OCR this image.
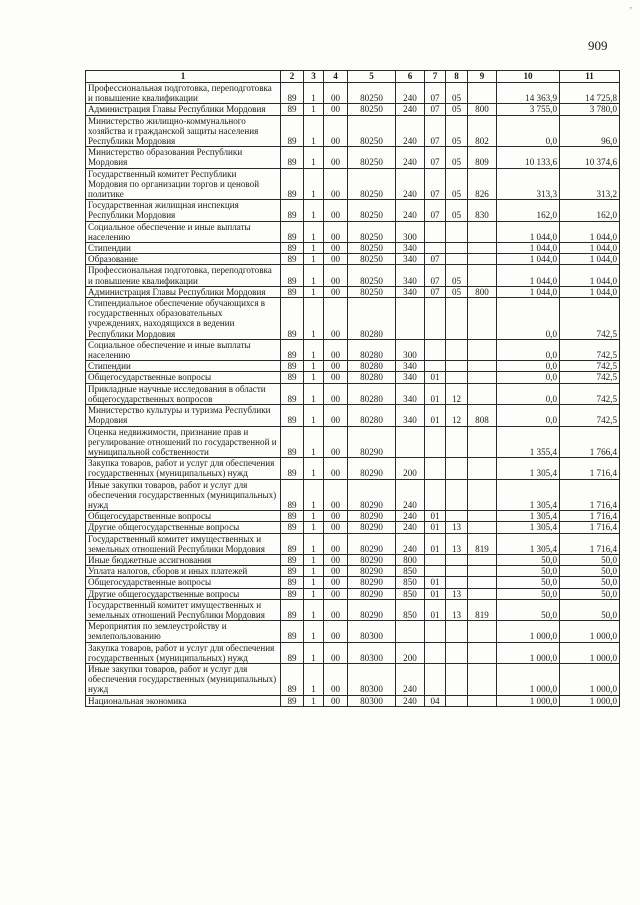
,
909
1	2	3	4	5	6	7	8	9	10	11
Профессиональная подготовка, переподготовка и повышение квалификации	89	1	00	80250	240	07	05		14 363,9	14 725,8
Администрация Главы Республики Мордовия	89	1	00	80250	240	07	05	800	3 755,0	3 780,0
Министерство жилищно-коммунального хозяйства и гражданской защиты населения Республики Мордовия	89	1	00	80250	240	07	05	802	0,0	96,0
Министерство образования Республики Мордовия	89	1	00	80250	240	07	05	809	10 133,6	10 374,6
Государственный комитет Республики Мордовия по организации торгов и ценовой политике	89	1	00	80250	240	07	05	826	313,3	313,2
Государственная жилищная инспекция Республики Мордовия	89	1	00	80250	240	07	05	830	162,0	162,0
Социальное обеспечение и иные выплаты населению	89	1	00	80250	300				1 044,0	1 044,0
Стипендии	89	1	00	80250	340				1 044,0	1 044,0
Образование	89	1	00	80250	340	07			1 044,0	1 044,0
Профессиональная подготовка, переподготовка и повышение квалификации	89	1	00	80250	340	07	05		1 044,0	1 044,0
Администрация Главы Республики Мордовия	89	1	00	80250	340	07	05	800	1 044,0	1 044,0
Стипендиальное обеспечение обучающихся в государственных образовательных учреждениях, находящихся в ведении Республики Мордовия	89	1	00	80280					0,0	742,5
Социальное обеспечение и иные выплаты населению	89	1	00	80280	300				0,0	742,5
Стипендии	89	1	00	80280	340				0,0	742,5
Общегосударственные вопросы	89	1	00	80280	340	01			0,0	742,5
Прикладные научные исследования в области общегосударственных вопросов	89	1	00	80280	340	01	12		0,0	742,5
Министерство культуры и туризма Республики Мордовия	89	1	00	80280	340	01	12	808	0,0	742,5
Оценка недвижимости, признание прав и регулирование отношений по государственной и муниципальной собственности	89	1	00	80290					1 355,4	1 766,4
Закупка товаров, работ и услуг для обеспечения государственных (муниципальных) нужд	89	1	00	80290	200				1 305,4	1 716,4
Иные закупки товаров, работ и услуг для обеспечения государственных (муниципальных) нужд	89	1	00	80290	240				1 305,4	1 716,4
Общегосударственные вопросы	89	1	00	80290	240	01			1 305,4	1 716,4
Другие общегосударственные вопросы	89	1	00	80290	240	01	13		1 305,4	1 716,4
Государственный комитет имущественных и земельных отношений Республики Мордовия	89	1	00	80290	240	01	13	819	1 305,4	1 716,4
Иные бюджетные ассигнования	89	1	00	80290	800				50,0	50,0
Уплата налогов, сборов и иных платежей	89	1	00	80290	850				50,0	50,0
Общегосударственные вопросы	89	1	00	80290	850	01			50,0	50,0
Другие общегосударственные вопросы	89	1	00	80290	850	01	13		50,0	50,0
Государственный комитет имущественных и земельных отношений Республики Мордовия	89	1	00	80290	850	01	13	819	50,0	50,0
Мероприятия по землеустройству и землепользованию	89	1	00	80300					1 000,0	1 000,0
Закупка товаров, работ и услуг для обеспечения государственных (муниципальных) нужд	89	1	00	80300	200				1 000,0	1 000,0
Иные закупки товаров, работ и услуг для обеспечения государственных (муниципальных) нужд	89	1	00	80300	240				1 000,0	1 000,0
Национальная экономика	89	1	00	80300	240	04			1 000,0	1 000,0
